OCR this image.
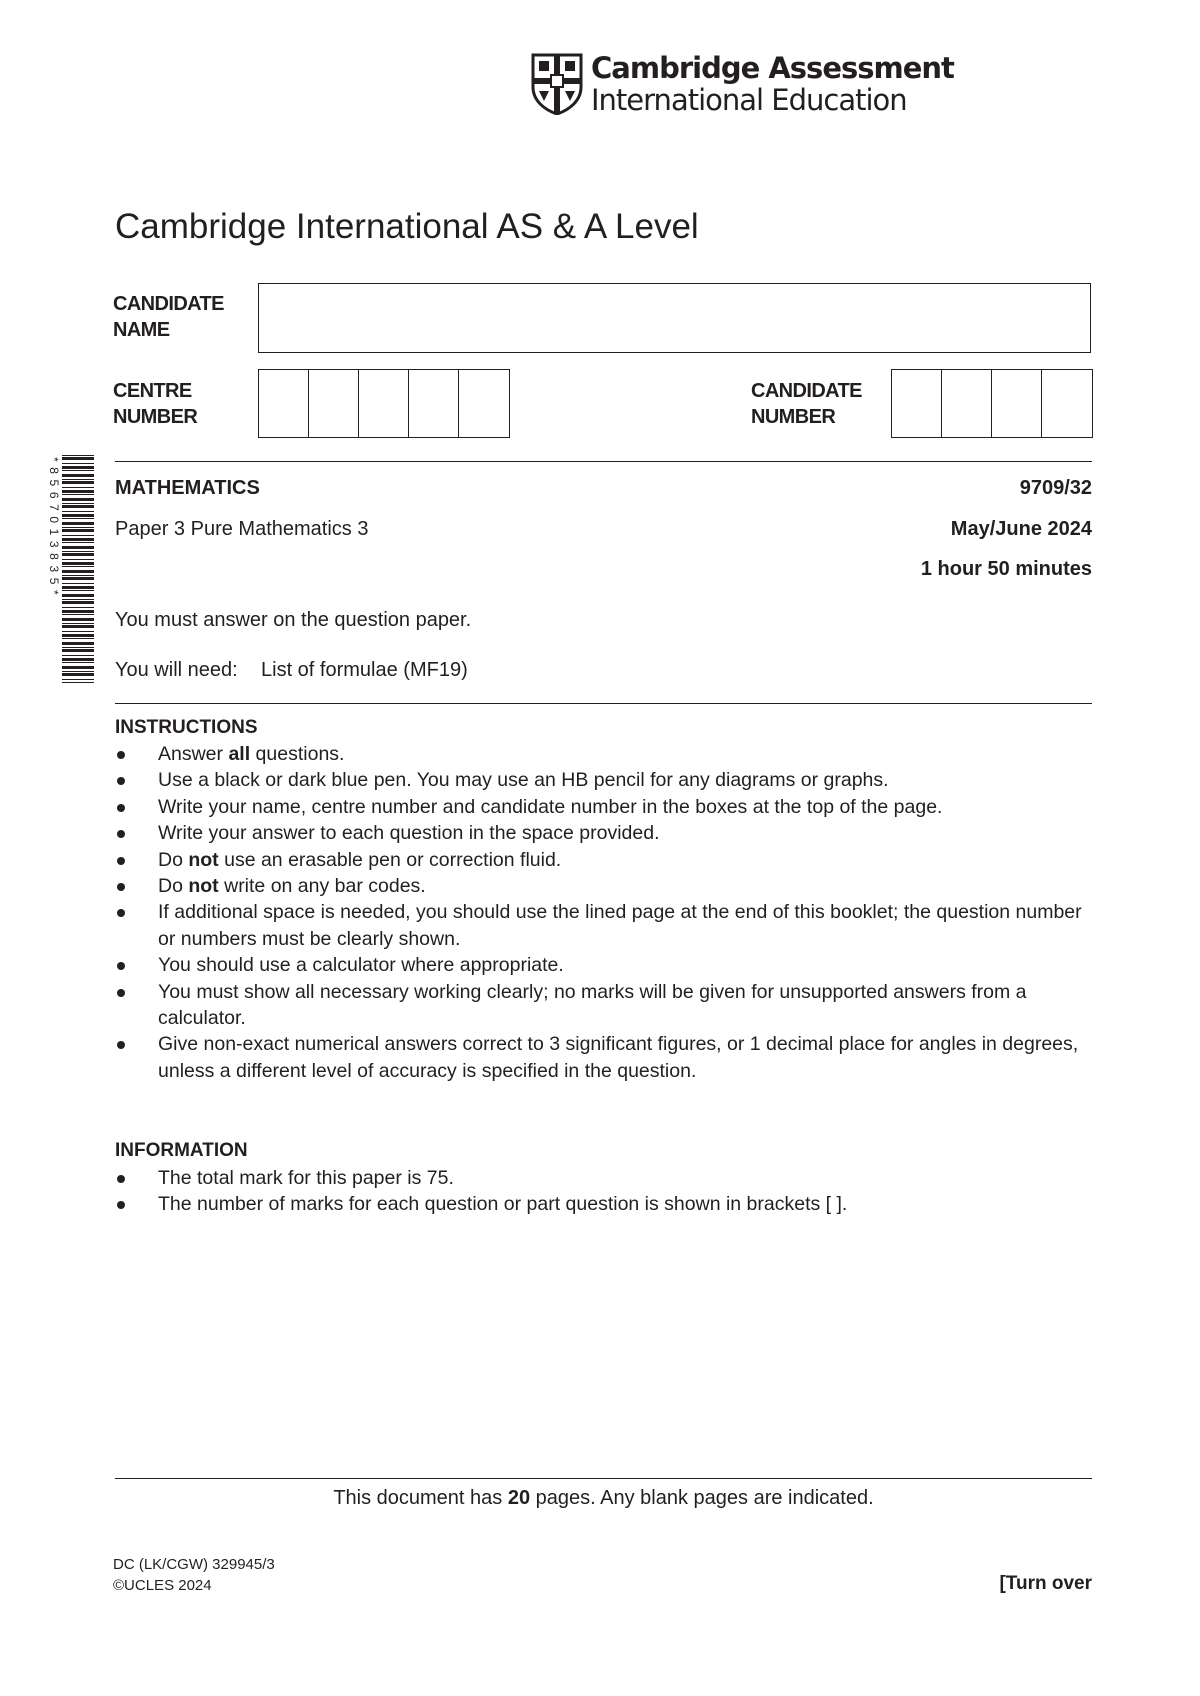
Cambridge Assessment
International Education
Cambridge International AS & A Level
CANDIDATE
NAME
CENTRE
NUMBER
CANDIDATE
NUMBER
*8567013835*	MATHEMATICS	9709/32
Paper 3 Pure Mathematics 3	May/June 2024
1 hour 50 minutes
You must answer on the question paper.
You will need:	List of formulae (MF19)
INSTRUCTIONS
Answer all questions.
Use a black or dark blue pen. You may use an HB pencil for any diagrams or graphs.
Write your name, centre number and candidate number in the boxes at the top of the page.
Write your answer to each question in the space provided.
Do not use an erasable pen or correction fluid.
Do not write on any bar codes.
If additional space is needed, you should use the lined page at the end of this booklet; the question number or numbers must be clearly shown.
You should use a calculator where appropriate.
You must show all necessary working clearly; no marks will be given for unsupported answers from a calculator.
Give non-exact numerical answers correct to 3 significant figures, or 1 decimal place for angles in degrees, unless a different level of accuracy is specified in the question.
INFORMATION
The total mark for this paper is 75.
The number of marks for each question or part question is shown in brackets [ ].
This document has 20 pages. Any blank pages are indicated.
DC (LK/CGW) 329945/3
©UCLES 2024	[Turn over
